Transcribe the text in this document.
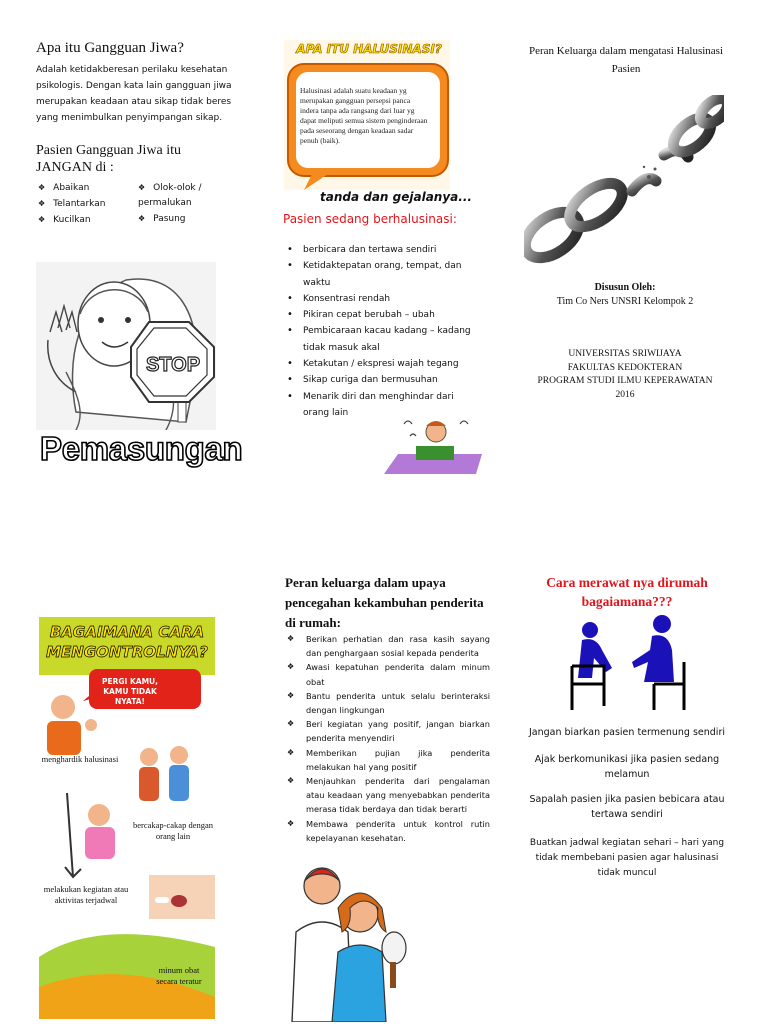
Apa itu Gangguan Jiwa?
Adalah ketidakberesan perilaku kesehatan psikologis. Dengan kata lain gangguan jiwa merupakan keadaan atau sikap tidak beres yang menimbulkan penyimpangan sikap.
Pasien Gangguan Jiwa itu JANGAN di :
❖ Abaikan
❖ Telantarkan
❖ Kucilkan
❖ Olok-olok / permalukan
❖ Pasung
STOP
Pemasungan
APA ITU HALUSINASI?
Halusinasi adalah suatu keadaan yg merupakan gangguan persepsi panca indera tanpa ada rangsang dari luar yg dapat meliputi semua sistem penginderaan pada seseorang dengan keadaan sadar penuh (baik).
tanda dan gejalanya...
Pasien sedang berhalusinasi:
• berbicara dan tertawa sendiri
• Ketidaktepatan orang, tempat, dan waktu
• Konsentrasi rendah
• Pikiran cepat berubah – ubah
• Pembicaraan kacau kadang – kadang tidak masuk akal
• Ketakutan / ekspresi wajah tegang
• Sikap curiga dan bermusuhan
• Menarik diri dan menghindar dari orang lain
Peran Keluarga dalam mengatasi Halusinasi Pasien
Disusun Oleh:
Tim Co Ners UNSRI Kelompok 2
UNIVERSITAS SRIWIJAYA
FAKULTAS KEDOKTERAN
PROGRAM STUDI ILMU KEPERAWATAN
2016
BAGAIMANA CARA MENGONTROLNYA?
PERGI KAMU, KAMU TIDAK NYATA!
menghardik halusinasi
bercakap-cakap dengan orang lain
melakukan kegiatan atau aktivitas terjadwal
minum obat secara teratur
Peran keluarga dalam upaya pencegahan kekambuhan penderita di rumah:
❖ Berikan perhatian dan rasa kasih sayang dan penghargaan sosial kepada penderita
❖ Awasi kepatuhan penderita dalam minum obat
❖ Bantu penderita untuk selalu berinteraksi dengan lingkungan
❖ Beri kegiatan yang positif, jangan biarkan penderita menyendiri
❖ Memberikan pujian jika penderita melakukan hal yang positif
❖ Menjauhkan penderita dari pengalaman atau keadaan yang menyebabkan penderita merasa tidak berdaya dan tidak berarti
❖ Membawa penderita untuk kontrol rutin kepelayanan kesehatan.
Cara merawat nya dirumah bagaiamana???
Jangan biarkan pasien termenung sendiri
Ajak berkomunikasi jika pasien sedang melamun
Sapalah pasien jika pasien bebicara atau tertawa sendiri
Buatkan jadwal kegiatan sehari – hari yang tidak membebani pasien agar halusinasi tidak muncul
